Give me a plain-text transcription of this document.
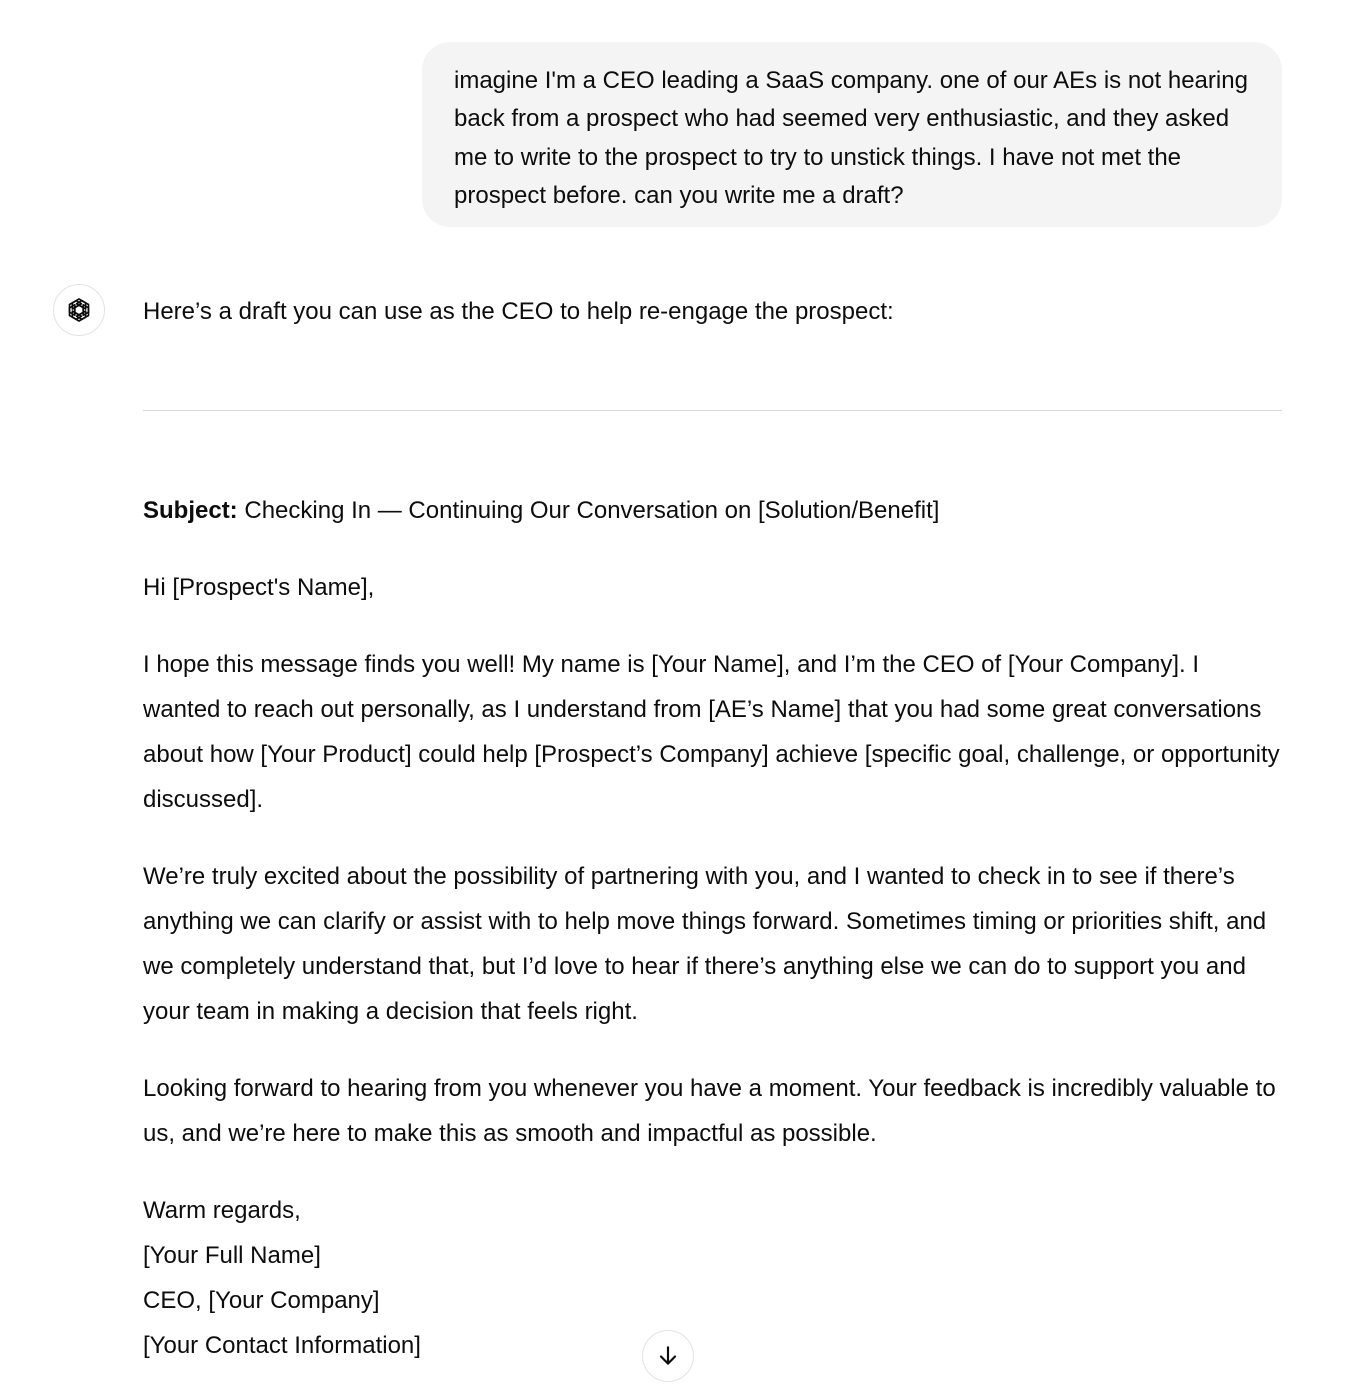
imagine I'm a CEO leading a SaaS company. one of our AEs is not hearing back from a prospect who had seemed very enthusiastic, and they asked me to write to the prospect to try to unstick things. I have not met the prospect before. can you write me a draft?

Here’s a draft you can use as the CEO to help re-engage the prospect:

Subject: Checking In — Continuing Our Conversation on [Solution/Benefit]

Hi [Prospect's Name],

I hope this message finds you well! My name is [Your Name], and I’m the CEO of [Your Company]. I wanted to reach out personally, as I understand from [AE’s Name] that you had some great conversations about how [Your Product] could help [Prospect’s Company] achieve [specific goal, challenge, or opportunity discussed].

We’re truly excited about the possibility of partnering with you, and I wanted to check in to see if there’s anything we can clarify or assist with to help move things forward. Sometimes timing or priorities shift, and we completely understand that, but I’d love to hear if there’s anything else we can do to support you and your team in making a decision that feels right.

Looking forward to hearing from you whenever you have a moment. Your feedback is incredibly valuable to us, and we’re here to make this as smooth and impactful as possible.

Warm regards,
[Your Full Name]
CEO, [Your Company]
[Your Contact Information]
